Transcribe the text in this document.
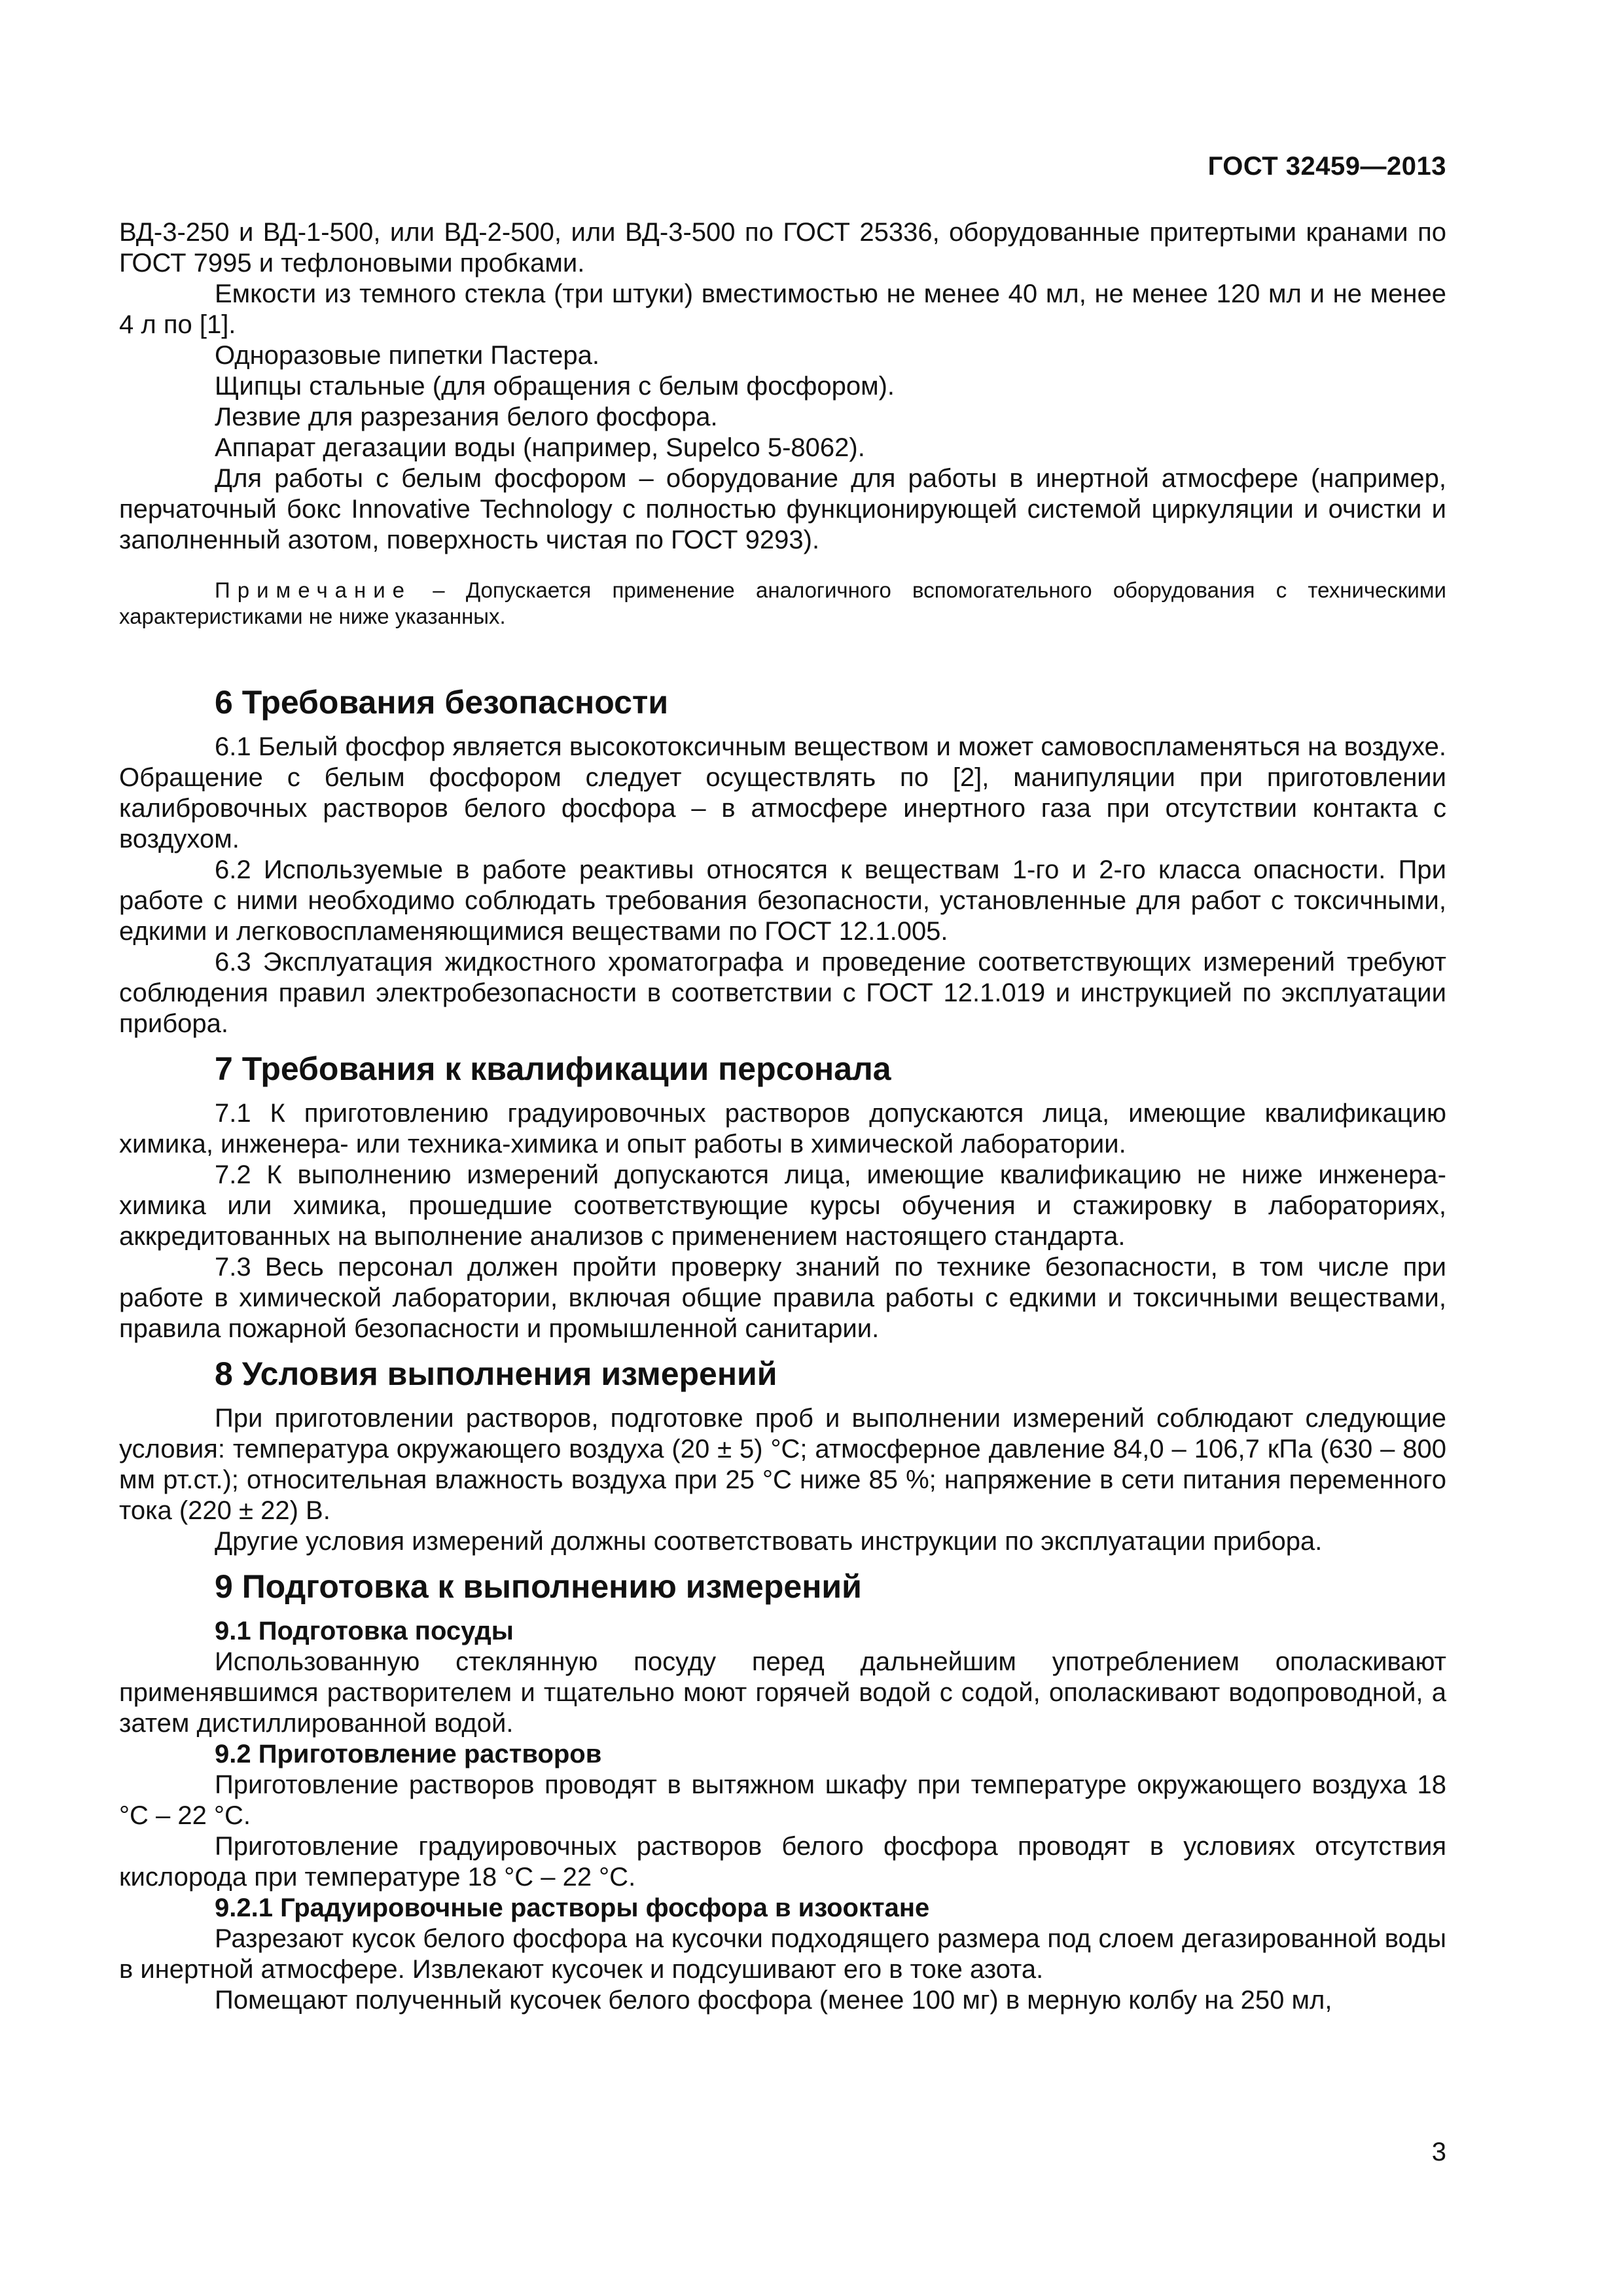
ГОСТ 32459—2013

ВД-3-250 и ВД-1-500, или ВД-2-500, или ВД-3-500 по ГОСТ 25336, оборудованные притертыми кранами по ГОСТ 7995 и тефлоновыми пробками.

Емкости из темного стекла (три штуки) вместимостью не менее 40 мл, не менее 120 мл и не менее 4 л по [1].

Одноразовые пипетки Пастера.

Щипцы стальные (для обращения с белым фосфором).

Лезвие для разрезания белого фосфора.

Аппарат дегазации воды (например, Supelco 5-8062).

Для работы с белым фосфором – оборудование для работы в инертной атмосфере (например, перчаточный бокс Innovative Technology с полностью функционирующей системой циркуляции и очистки и заполненный азотом, поверхность чистая по ГОСТ 9293).

Примечание – Допускается применение аналогичного вспомогательного оборудования с техническими характеристиками не ниже указанных.
6 Требования безопасности

6.1 Белый фосфор является высокотоксичным веществом и может самовоспламеняться на воздухе. Обращение с белым фосфором следует осуществлять по [2], манипуляции при приготовлении калибровочных растворов белого фосфора – в атмосфере инертного газа при отсутствии контакта с воздухом.

6.2 Используемые в работе реактивы относятся к веществам 1-го и 2-го класса опасности. При работе с ними необходимо соблюдать требования безопасности, установленные для работ с токсичными, едкими и легковоспламеняющимися веществами по ГОСТ 12.1.005.

6.3 Эксплуатация жидкостного хроматографа и проведение соответствующих измерений требуют соблюдения правил электробезопасности в соответствии с ГОСТ 12.1.019 и инструкцией по эксплуатации прибора.

7 Требования к квалификации персонала

7.1 К приготовлению градуировочных растворов допускаются лица, имеющие квалификацию химика, инженера- или техника-химика и опыт работы в химической лаборатории.

7.2 К выполнению измерений допускаются лица, имеющие квалификацию не ниже инженера-химика или химика, прошедшие соответствующие курсы обучения и стажировку в лабораториях, аккредитованных на выполнение анализов с применением настоящего стандарта.

7.3 Весь персонал должен пройти проверку знаний по технике безопасности, в том числе при работе в химической лаборатории, включая общие правила работы с едкими и токсичными веществами, правила пожарной безопасности и промышленной санитарии.

8 Условия выполнения измерений

При приготовлении растворов, подготовке проб и выполнении измерений соблюдают следующие условия: температура окружающего воздуха (20 ± 5) °С; атмосферное давление 84,0 – 106,7 кПа (630 – 800 мм рт.ст.); относительная влажность воздуха при 25 °С ниже 85 %; напряжение в сети питания переменного тока (220 ± 22) В.

Другие условия измерений должны соответствовать инструкции по эксплуатации прибора.

9 Подготовка к выполнению измерений

9.1 Подготовка посуды

Использованную стеклянную посуду перед дальнейшим употреблением ополаскивают применявшимся растворителем и тщательно моют горячей водой с содой, ополаскивают водопроводной, а затем дистиллированной водой.

9.2 Приготовление растворов

Приготовление растворов проводят в вытяжном шкафу при температуре окружающего воздуха 18 °С – 22 °С.

Приготовление градуировочных растворов белого фосфора проводят в условиях отсутствия кислорода при температуре 18 °С – 22 °С.

9.2.1 Градуировочные растворы фосфора в изооктане

Разрезают кусок белого фосфора на кусочки подходящего размера под слоем дегазированной воды в инертной атмосфере. Извлекают кусочек и подсушивают его в токе азота.

Помещают полученный кусочек белого фосфора (менее 100 мг) в мерную колбу на 250 мл,

3
